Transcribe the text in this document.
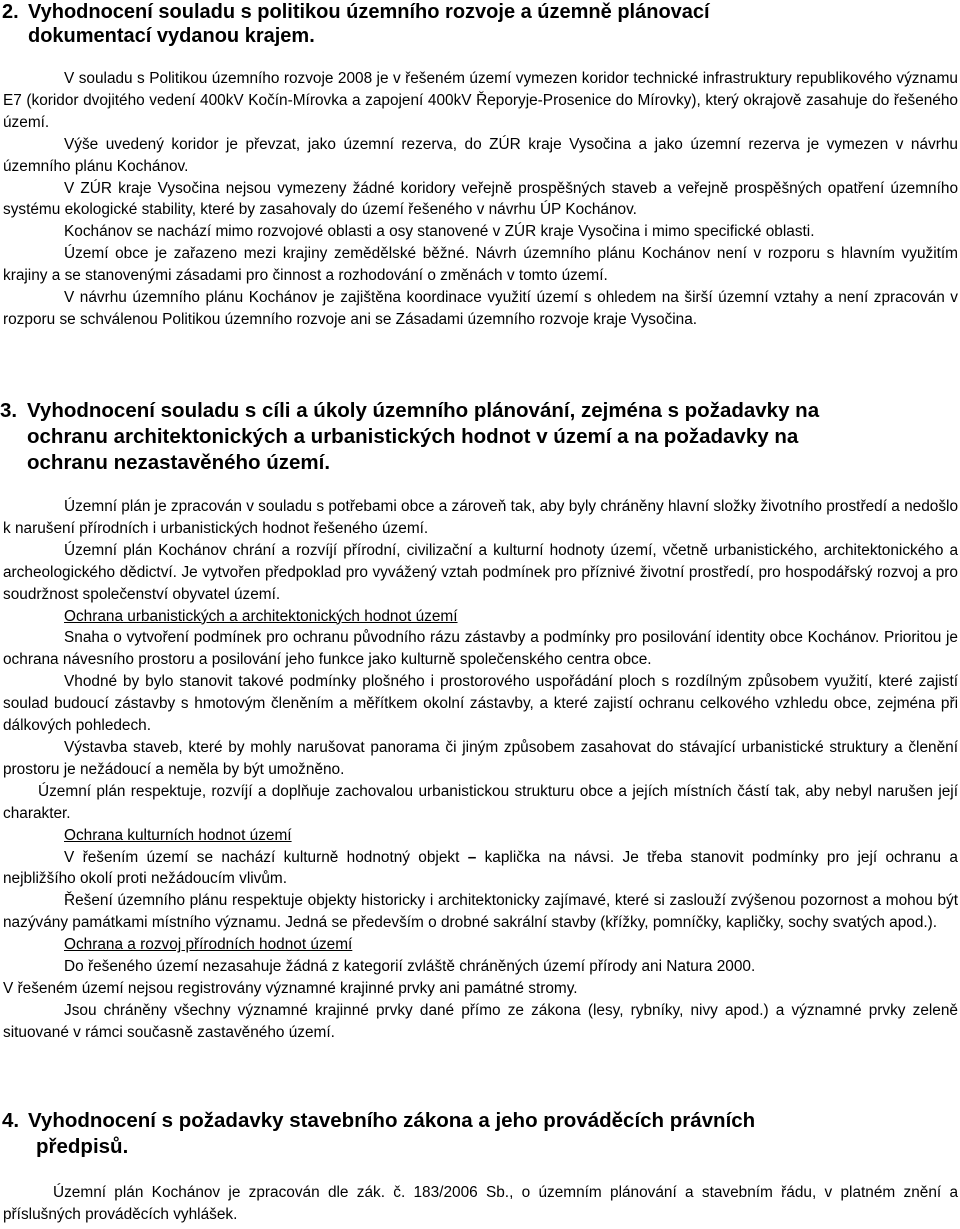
2. Vyhodnocení souladu s politikou územního rozvoje a územně plánovací
dokumentací vydanou krajem.

V souladu s Politikou územního rozvoje 2008 je v řešeném území vymezen koridor technické infrastruktury republikového významu E7 (koridor dvojitého vedení 400kV Kočín-Mírovka a zapojení 400kV Řeporyje-Prosenice do Mírovky), který okrajově zasahuje do řešeného území.

Výše uvedený koridor je převzat, jako územní rezerva, do ZÚR kraje Vysočina a jako územní rezerva je vymezen v návrhu územního plánu Kochánov.

V ZÚR kraje Vysočina nejsou vymezeny žádné koridory veřejně prospěšných staveb a veřejně prospěšných opatření územního systému ekologické stability, které by zasahovaly do území řešeného v návrhu ÚP Kochánov.

Kochánov se nachází mimo rozvojové oblasti a osy stanovené v ZÚR kraje Vysočina i mimo specifické oblasti.

Území obce je zařazeno mezi krajiny zemědělské běžné. Návrh územního plánu Kochánov není v rozporu s hlavním využitím krajiny a se stanovenými zásadami pro činnost a rozhodování o změnách v tomto území.

V návrhu územního plánu Kochánov je zajištěna koordinace využití území s ohledem na širší územní vztahy a není zpracován v rozporu se schválenou Politikou územního rozvoje ani se Zásadami územního rozvoje kraje Vysočina.

3. Vyhodnocení souladu s cíli a úkoly územního plánování, zejména s požadavky na
ochranu architektonických a urbanistických hodnot v území a na požadavky na
ochranu nezastavěného území.

Územní plán je zpracován v souladu s potřebami obce a zároveň tak, aby byly chráněny hlavní složky životního prostředí a nedošlo k narušení přírodních i urbanistických hodnot řešeného území.

Územní plán Kochánov chrání a rozvíjí přírodní, civilizační a kulturní hodnoty území, včetně urbanistického, architektonického a archeologického dědictví. Je vytvořen předpoklad pro vyvážený vztah podmínek pro příznivé životní prostředí, pro hospodářský rozvoj a pro soudržnost společenství obyvatel území.

Ochrana urbanistických a architektonických hodnot území

Snaha o vytvoření podmínek pro ochranu původního rázu zástavby a podmínky pro posilování identity obce Kochánov. Prioritou je ochrana návesního prostoru a posilování jeho funkce jako kulturně společenského centra obce.

Vhodné by bylo stanovit takové podmínky plošného i prostorového uspořádání ploch s rozdílným způsobem využití, které zajistí soulad budoucí zástavby s hmotovým členěním a měřítkem okolní zástavby, a které zajistí ochranu celkového vzhledu obce, zejména při dálkových pohledech.

Výstavba staveb, které by mohly narušovat panorama či jiným způsobem zasahovat do stávající urbanistické struktury a členění prostoru je nežádoucí a neměla by být umožněno.

Územní plán respektuje, rozvíjí a doplňuje zachovalou urbanistickou strukturu obce a jejích místních částí tak, aby nebyl narušen její charakter.

Ochrana kulturních hodnot území

V řešením území se nachází kulturně hodnotný objekt – kaplička na návsi. Je třeba stanovit podmínky pro její ochranu a nejbližšího okolí proti nežádoucím vlivům.

Řešení územního plánu respektuje objekty historicky i architektonicky zajímavé, které si zaslouží zvýšenou pozornost a mohou být nazývány památkami místního významu. Jedná se především o drobné sakrální stavby (křížky, pomníčky, kapličky, sochy svatých apod.).

Ochrana a rozvoj přírodních hodnot území

Do řešeného území nezasahuje žádná z kategorií zvláště chráněných území přírody ani Natura 2000.

V řešeném území nejsou registrovány významné krajinné prvky ani památné stromy.

Jsou chráněny všechny významné krajinné prvky dané přímo ze zákona (lesy, rybníky, nivy apod.) a významné prvky zeleně situované v rámci současně zastavěného území.

4. Vyhodnocení s požadavky stavebního zákona a jeho prováděcích právních
předpisů.

Územní plán Kochánov je zpracován dle zák. č. 183/2006 Sb., o územním plánování a stavebním řádu, v platném znění a příslušných prováděcích vyhlášek.
